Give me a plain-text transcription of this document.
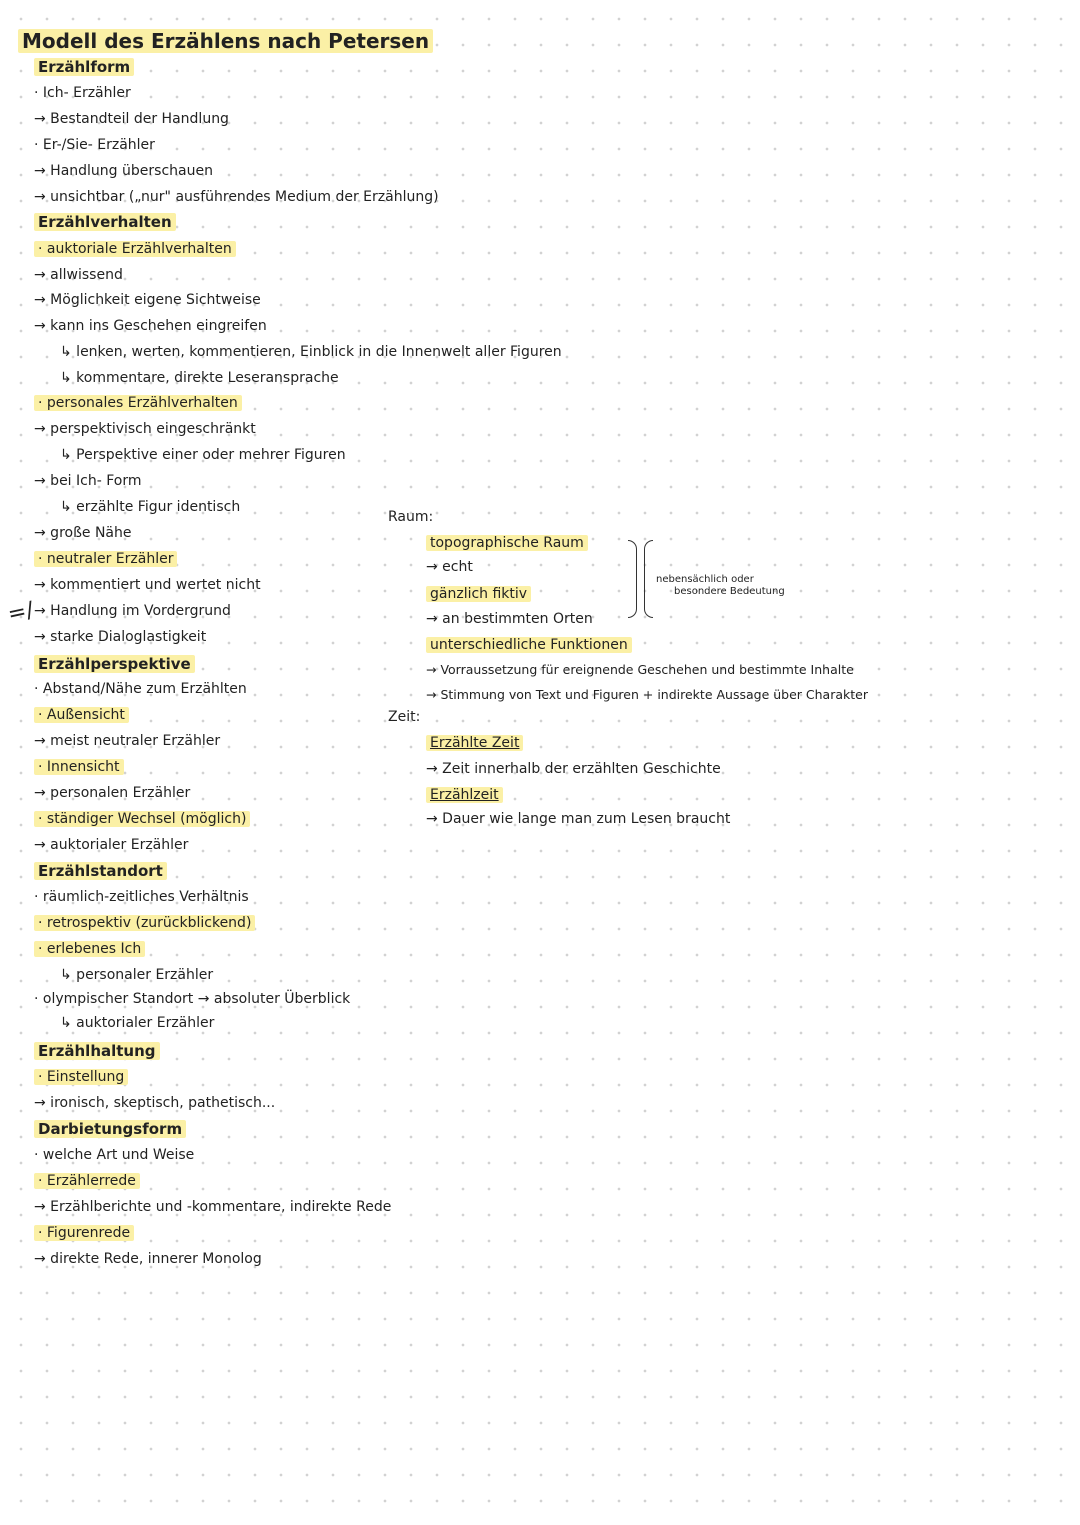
Modell des Erzählens nach Petersen
Erzählform
· Ich- Erzähler
→ Bestandteil der Handlung
· Er-/Sie- Erzähler
→ Handlung überschauen
→ unsichtbar („nur" ausführendes Medium der Erzählung)
Erzählverhalten
· auktoriale Erzählverhalten
→ allwissend
→ Möglichkeit eigene Sichtweise
→ kann ins Geschehen eingreifen
↳ lenken, werten, kommentieren, Einblick in die Innenwelt aller Figuren
↳ kommentare, direkte Leseransprache
· personales Erzählverhalten
→ perspektivisch eingeschränkt
↳ Perspektive einer oder mehrer Figuren
→ bei Ich- Form
↳ erzählte Figur identisch
→ große Nähe
· neutraler Erzähler
→ kommentiert und wertet nicht
→ Handlung im Vordergrund
→ starke Dialoglastigkeit
=/
Erzählperspektive
· Abstand/Nähe zum Erzählten
· Außensicht
→ meist neutraler Erzähler
· Innensicht
→ personalen Erzähler
· ständiger Wechsel (möglich)
→ auktorialer Erzähler
Erzählstandort
· räumlich-zeitliches Verhältnis
· retrospektiv (zurückblickend)
· erlebenes Ich
↳ personaler Erzähler
· olympischer Standort → absoluter Überblick
↳ auktorialer Erzähler
Erzählhaltung
· Einstellung
→ ironisch, skeptisch, pathetisch...
Darbietungsform
· welche Art und Weise
· Erzählerrede
→ Erzählberichte und -kommentare, indirekte Rede
· Figurenrede
→ direkte Rede, innerer Monolog
Raum:
topographische Raum
→ echt
gänzlich fiktiv
→ an bestimmten Orten
nebensächlich oder
besondere Bedeutung
unterschiedliche Funktionen
→ Vorraussetzung für ereignende Geschehen und bestimmte Inhalte
→ Stimmung von Text und Figuren + indirekte Aussage über Charakter
Zeit:
Erzählte Zeit
→ Zeit innerhalb der erzählten Geschichte
Erzählzeit
→ Dauer wie lange man zum Lesen braucht
